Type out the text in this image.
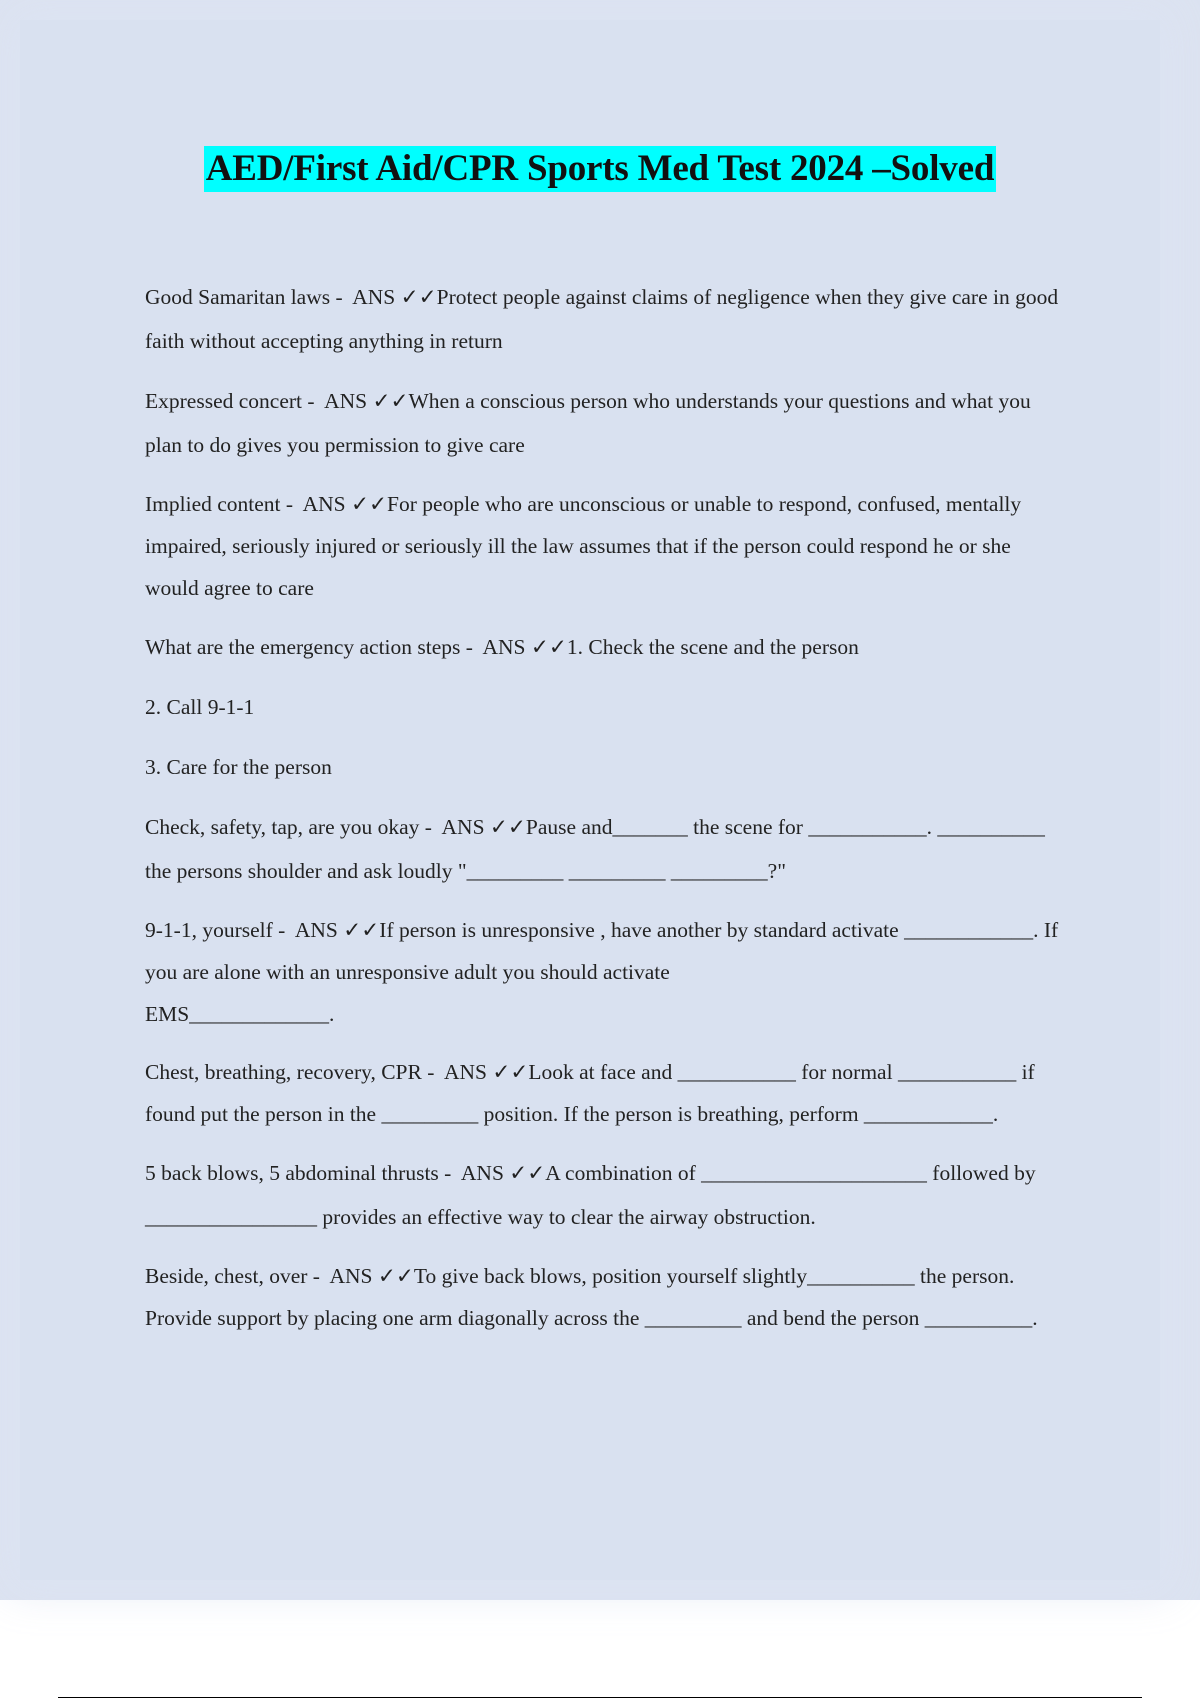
AED/First Aid/CPR Sports Med Test 2024 –Solved

Good Samaritan laws -  ANS ✓✓Protect people against claims of negligence when they give care in good faith without accepting anything in return

Expressed concert -  ANS ✓✓When a conscious person who understands your questions and what you plan to do gives you permission to give care

Implied content -  ANS ✓✓For people who are unconscious or unable to respond, confused, mentally impaired, seriously injured or seriously ill the law assumes that if the person could respond he or she would agree to care

What are the emergency action steps -  ANS ✓✓1. Check the scene and the person

2. Call 9-1-1

3. Care for the person

Check, safety, tap, are you okay -  ANS ✓✓Pause and_______ the scene for ___________. __________ the persons shoulder and ask loudly "_________ _________ _________?"

9-1-1, yourself -  ANS ✓✓If person is unresponsive , have another by standard activate ____________. If you are alone with an unresponsive adult you should activate
EMS_____________.

Chest, breathing, recovery, CPR -  ANS ✓✓Look at face and ___________ for normal ___________ if found put the person in the _________ position. If the person is breathing, perform ____________.

5 back blows, 5 abdominal thrusts -  ANS ✓✓A combination of _____________________ followed by ________________ provides an effective way to clear the airway obstruction.

Beside, chest, over -  ANS ✓✓To give back blows, position yourself slightly__________ the person. Provide support by placing one arm diagonally across the _________ and bend the person __________.
